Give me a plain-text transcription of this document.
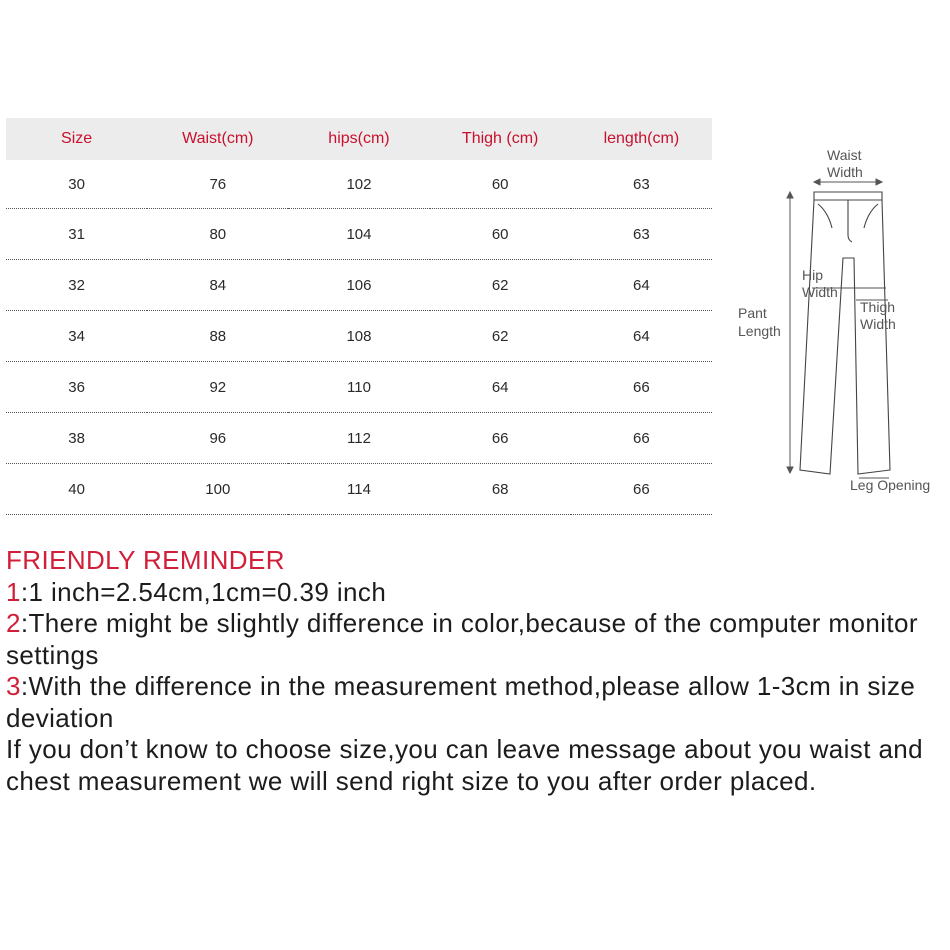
Size	Waist(cm)	hips(cm)	Thigh (cm)	length(cm)
30	76	102	60	63
31	80	104	60	63
32	84	106	62	64
34	88	108	62	64
36	92	110	64	66
38	96	112	66	66
40	100	114	68	66
Waist
Width
Hip
Width
Thigh
Width
Pant
Length
Leg Opening

FRIENDLY REMINDER

1:1 inch=2.54cm,1cm=0.39 inch

2:There might be slightly difference in color,because of the computer monitor settings

3:With the difference in the measurement method,please allow 1-3cm in size deviation

If you don’t know to choose size,you can leave message about you waist and chest measurement we will send right size to you after order placed.
